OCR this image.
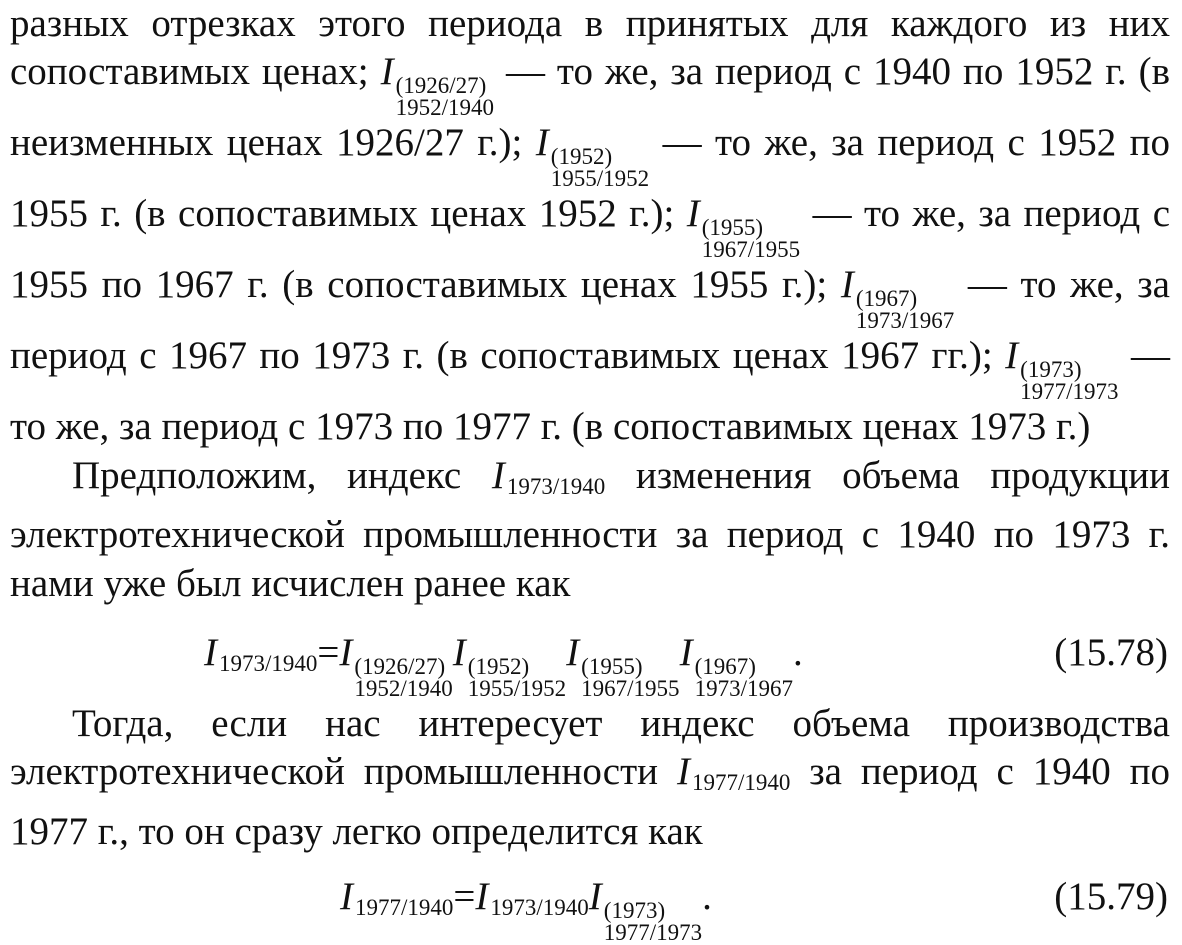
разных отрезках этого периода в принятых для каждого из них сопоставимых ценах; I (1926/27)
1952/1940
— то же, за период с 1940 по 1952 г. (в неизменных ценах 1926/27 г.); I (1952)
1955/1952
— то же, за период с 1952 по 1955 г. (в сопоставимых ценах 1952 г.); I (1955)
1967/1955
— то же, за период с 1955 по 1967 г. (в сопоставимых ценах 1955 г.); I (1967)
1973/1967
— то же, за период с 1967 по 1973 г. (в сопоставимых ценах 1967 гг.); I (1973)
1977/1973
— то же, за период с 1973 по 1977 г. (в сопоставимых ценах 1973 г.)

Предположим, индекс I1973/1940 изменения объема продукции электротехнической промышленности за период с 1940 по 1973 г. нами уже был исчислен ранее как

I1973/1940=I (1926/27)
1952/1940
I (1952)
1955/1952
I (1955)
1967/1955
I (1967)
1973/1967
.	(15.78)

Тогда, если нас интересует индекс объема производства электротехнической промышленности I1977/1940 за период с 1940 по 1977 г., то он сразу легко определится как

I1977/1940=I1973/1940I (1973)
1977/1973
.	(15.79)
